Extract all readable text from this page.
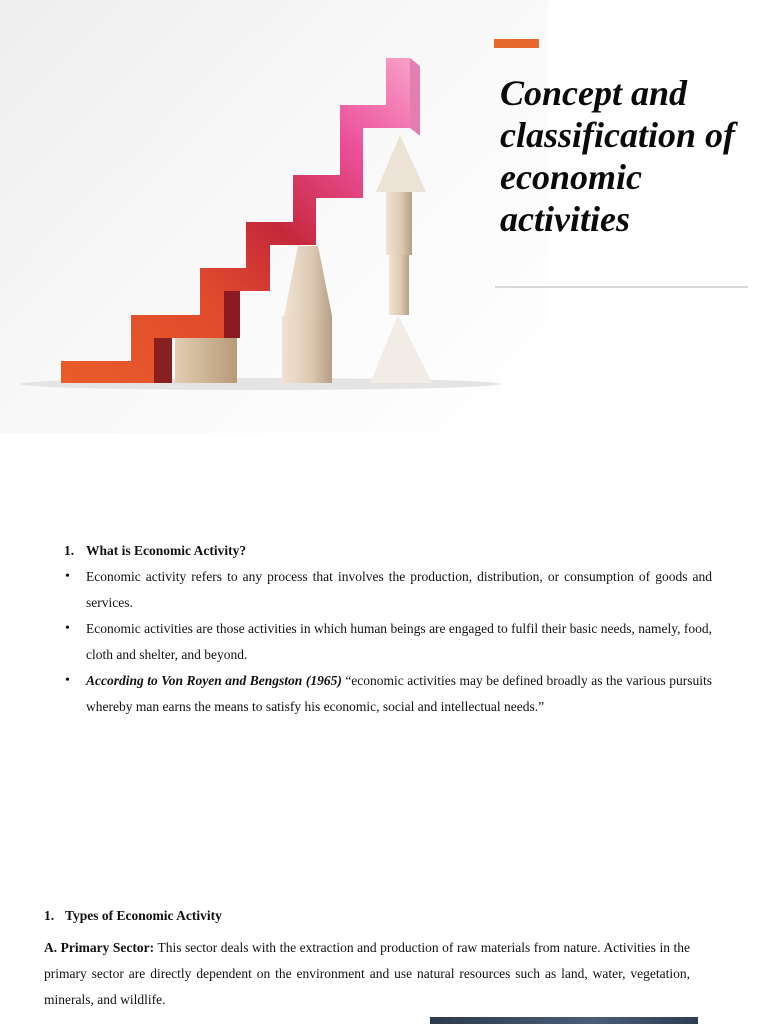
Concept and classification of economic activities

1. What is Economic Activity?

• Economic activity refers to any process that involves the production, distribution, or consumption of goods and services.
• Economic activities are those activities in which human beings are engaged to fulfil their basic needs, namely, food, cloth and shelter, and beyond.
• According to Von Royen and Bengston (1965) “economic activities may be defined broadly as the various pursuits whereby man earns the means to satisfy his economic, social and intellectual needs.”

1. Types of Economic Activity

A. Primary Sector: This sector deals with the extraction and production of raw materials from nature. Activities in the primary sector are directly dependent on the environment and use natural resources such as land, water, vegetation, minerals, and wildlife.
